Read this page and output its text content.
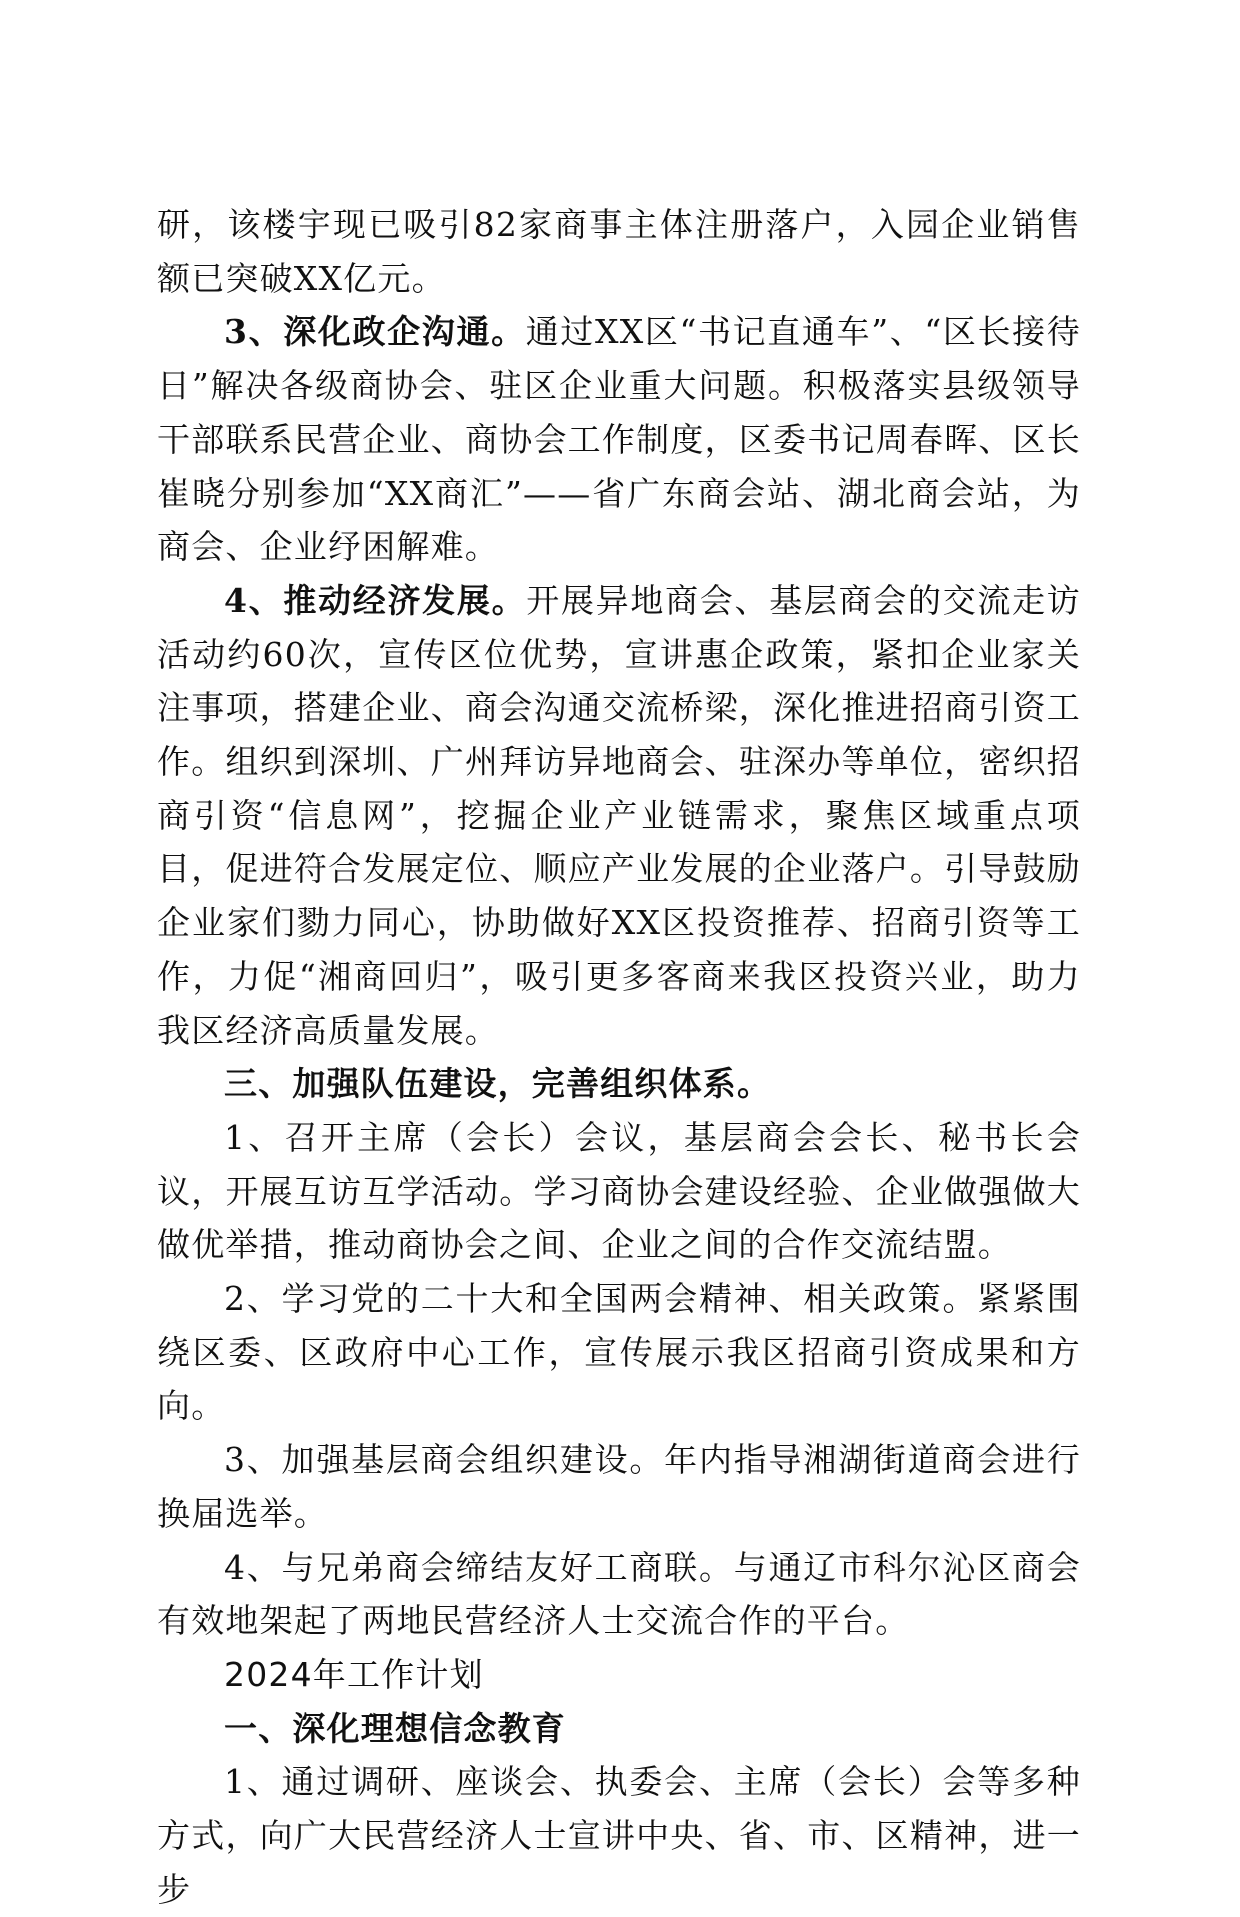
研，该楼宇现已吸引82家商事主体注册落户，入园企业销售额已突破XX亿元。

3、深化政企沟通。通过XX区“书记直通车”、“区长接待日”解决各级商协会、驻区企业重大问题。积极落实县级领导干部联系民营企业、商协会工作制度，区委书记周春晖、区长崔晓分别参加“XX商汇”——省广东商会站、湖北商会站，为商会、企业纾困解难。

4、推动经济发展。开展异地商会、基层商会的交流走访活动约60次，宣传区位优势，宣讲惠企政策，紧扣企业家关注事项，搭建企业、商会沟通交流桥梁，深化推进招商引资工作。组织到深圳、广州拜访异地商会、驻深办等单位，密织招商引资“信息网”，挖掘企业产业链需求，聚焦区域重点项目，促进符合发展定位、顺应产业发展的企业落户。引导鼓励企业家们勠力同心，协助做好XX区投资推荐、招商引资等工作，力促“湘商回归”，吸引更多客商来我区投资兴业，助力我区经济高质量发展。

三、加强队伍建设，完善组织体系。

1、召开主席（会长）会议，基层商会会长、秘书长会议，开展互访互学活动。学习商协会建设经验、企业做强做大做优举措，推动商协会之间、企业之间的合作交流结盟。

2、学习党的二十大和全国两会精神、相关政策。紧紧围绕区委、区政府中心工作，宣传展示我区招商引资成果和方向。

3、加强基层商会组织建设。年内指导湘湖街道商会进行换届选举。

4、与兄弟商会缔结友好工商联。与通辽市科尔沁区商会有效地架起了两地民营经济人士交流合作的平台。

2024年工作计划

一、深化理想信念教育

1、通过调研、座谈会、执委会、主席（会长）会等多种方式，向广大民营经济人士宣讲中央、省、市、区精神，进一步
